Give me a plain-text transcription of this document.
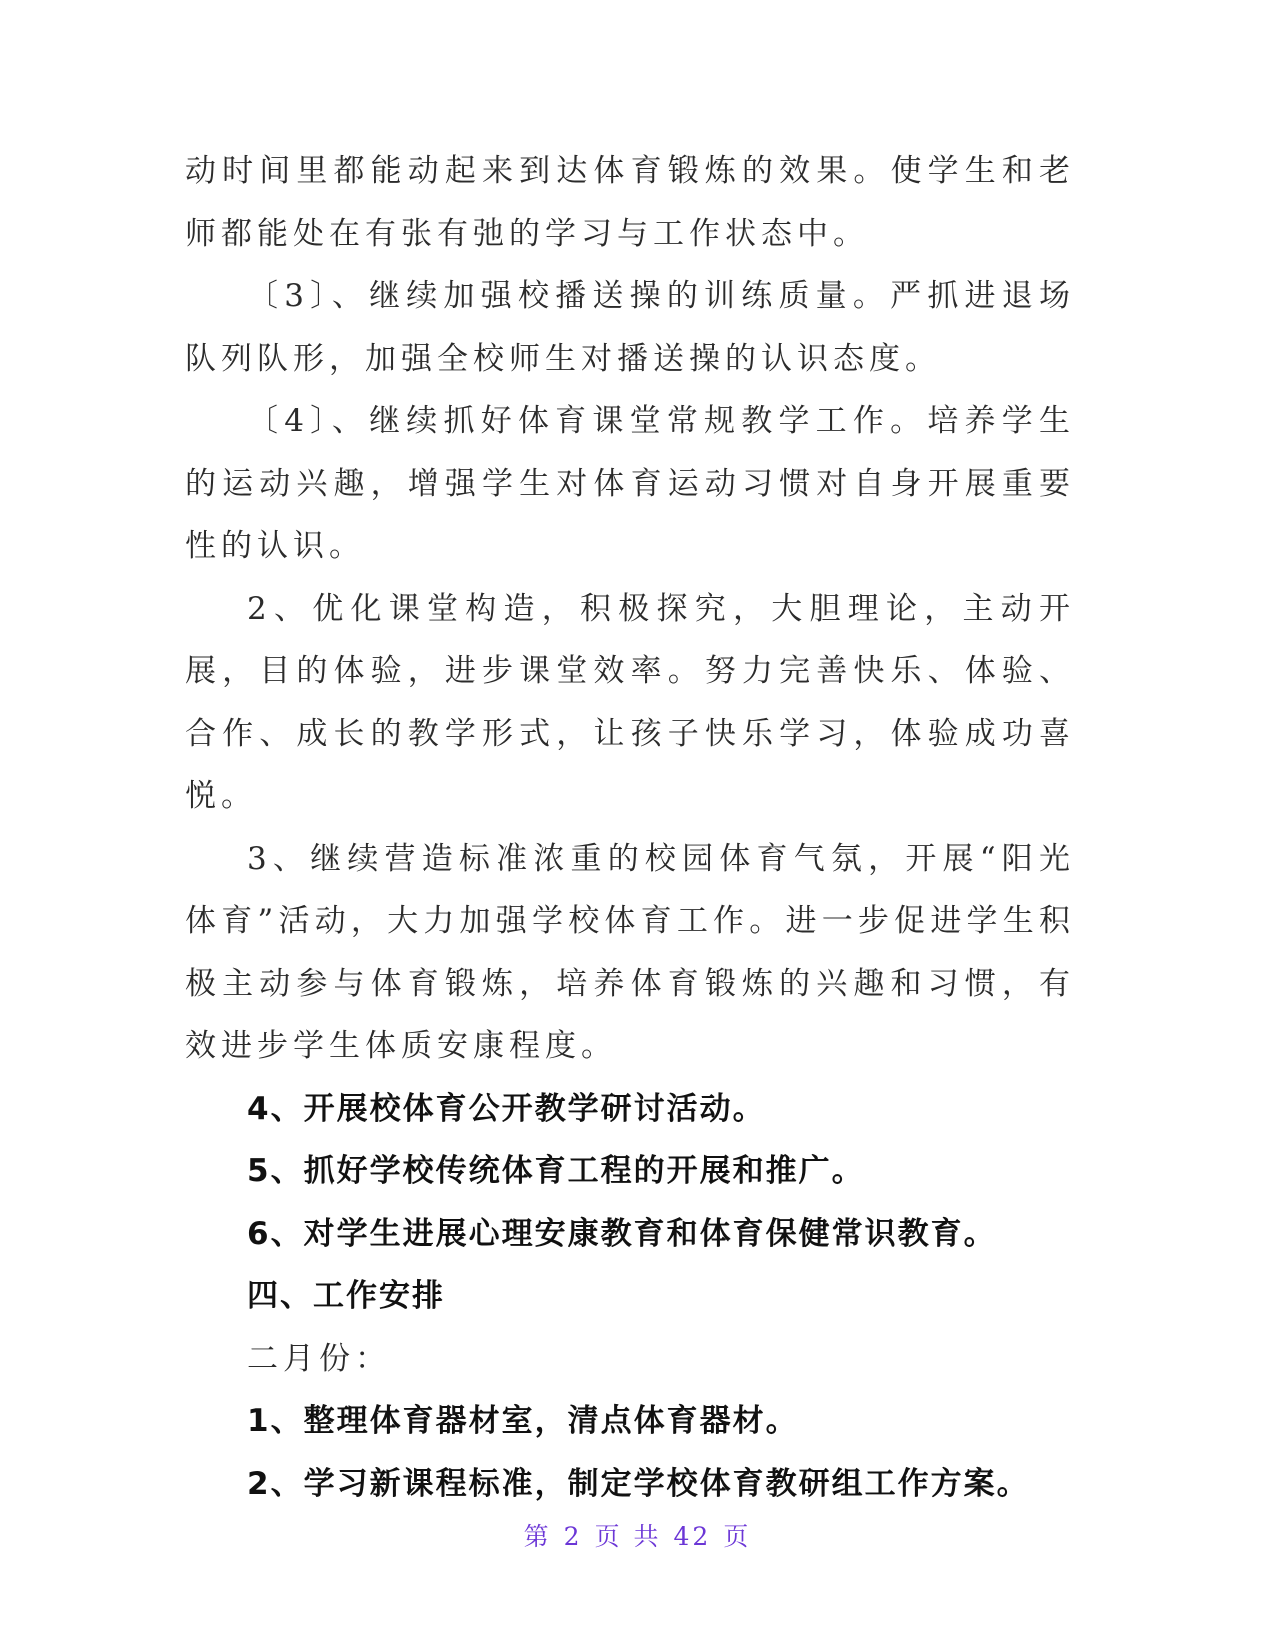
动时间里都能动起来到达体育锻炼的效果。使学生和老师都能处在有张有弛的学习与工作状态中。

〔3〕、继续加强校播送操的训练质量。严抓进退场队列队形，加强全校师生对播送操的认识态度。

〔4〕、继续抓好体育课堂常规教学工作。培养学生的运动兴趣，增强学生对体育运动习惯对自身开展重要性的认识。

2、优化课堂构造，积极探究，大胆理论，主动开展，目的体验，进步课堂效率。努力完善快乐、体验、合作、成长的教学形式，让孩子快乐学习，体验成功喜悦。

3、继续营造标准浓重的校园体育气氛，开展“阳光体育”活动，大力加强学校体育工作。进一步促进学生积极主动参与体育锻炼，培养体育锻炼的兴趣和习惯，有效进步学生体质安康程度。

4、开展校体育公开教学研讨活动。

5、抓好学校传统体育工程的开展和推广。

6、对学生进展心理安康教育和体育保健常识教育。

四、工作安排

二月份：

1、整理体育器材室，清点体育器材。

2、学习新课程标准，制定学校体育教研组工作方案。

第 2 页 共 42 页
